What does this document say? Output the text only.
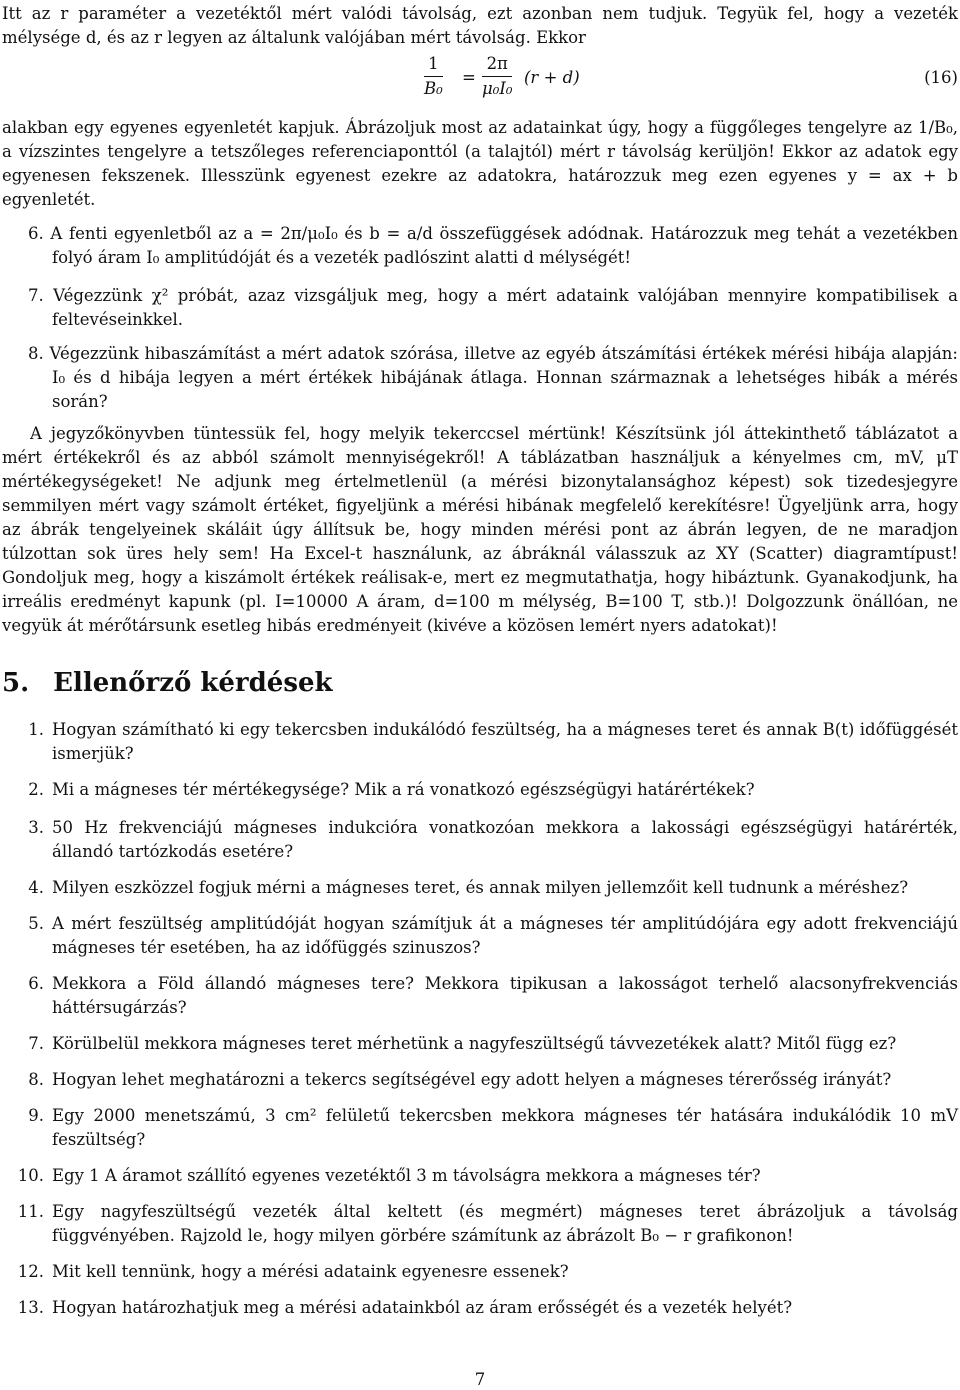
Itt az r paraméter a vezetéktől mért valódi távolság, ezt azonban nem tudjuk. Tegyük fel, hogy a vezeték mélysége d, és az r legyen az általunk valójában mért távolság. Ekkor

$\frac{1}{\text{B₀}} = \frac{2\pi}{\text{μ₀I₀}} (r + d)$	(16)

alakban egy egyenes egyenletét kapjuk. Ábrázoljuk most az adatainkat úgy, hogy a függőleges tengelyre az 1/B₀, a vízszintes tengelyre a tetszőleges referenciaponttól (a talajtól) mért r távolság kerüljön! Ekkor az adatok egy egyenesen fekszenek. Illesszünk egyenest ezekre az adatokra, határozzuk meg ezen egyenes y = ax + b egyenletét.

6. A fenti egyenletből az a = 2π/μ₀I₀ és b = a/d összefüggések adódnak. Határozzuk meg tehát a vezetékben folyó áram I₀ amplitúdóját és a vezeték padlószint alatti d mélységét!

7. Végezzünk χ² próbát, azaz vizsgáljuk meg, hogy a mért adataink valójában mennyire kompatibilisek a feltevéseinkkel.

8. Végezzünk hibaszámítást a mért adatok szórása, illetve az egyéb átszámítási értékek mérési hibája alapján: I₀ és d hibája legyen a mért értékek hibájának átlaga. Honnan származnak a lehetséges hibák a mérés során?

A jegyzőkönyvben tüntessük fel, hogy melyik tekerccsel mértünk! Készítsünk jól áttekinthető táblázatot a mért értékekről és az abból számolt mennyiségekről! A táblázatban használjuk a kényelmes cm, mV, μT mértékegységeket! Ne adjunk meg értelmetlenül (a mérési bizonytalansághoz képest) sok tizedesjegyre semmilyen mért vagy számolt értéket, figyeljünk a mérési hibának megfelelő kerekítésre! Ügyeljünk arra, hogy az ábrák tengelyeinek skáláit úgy állítsuk be, hogy minden mérési pont az ábrán legyen, de ne maradjon túlzottan sok üres hely sem! Ha Excel-t használunk, az ábráknál válasszuk az XY (Scatter) diagramtípust! Gondoljuk meg, hogy a kiszámolt értékek reálisak-e, mert ez megmutathatja, hogy hibáztunk. Gyanakodjunk, ha irreális eredményt kapunk (pl. I=10000 A áram, d=100 m mélység, B=100 T, stb.)! Dolgozzunk önállóan, ne vegyük át mérőtársunk esetleg hibás eredményeit (kivéve a közösen lemért nyers adatokat)!

5. Ellenőrző kérdések

1. Hogyan számítható ki egy tekercsben indukálódó feszültség, ha a mágneses teret és annak B(t) időfüggését ismerjük?

2. Mi a mágneses tér mértékegysége? Mik a rá vonatkozó egészségügyi határértékek?

3. 50 Hz frekvenciájú mágneses indukcióra vonatkozóan mekkora a lakossági egészségügyi határérték, állandó tartózkodás esetére?

4. Milyen eszközzel fogjuk mérni a mágneses teret, és annak milyen jellemzőit kell tudnunk a méréshez?

5. A mért feszültség amplitúdóját hogyan számítjuk át a mágneses tér amplitúdójára egy adott frekvenciájú mágneses tér esetében, ha az időfüggés szinuszos?

6. Mekkora a Föld állandó mágneses tere? Mekkora tipikusan a lakosságot terhelő alacsonyfrekvenciás háttérsugárzás?

7. Körülbelül mekkora mágneses teret mérhetünk a nagyfeszültségű távvezetékek alatt? Mitől függ ez?

8. Hogyan lehet meghatározni a tekercs segítségével egy adott helyen a mágneses térerősség irányát?

9. Egy 2000 menetszámú, 3 cm² felületű tekercsben mekkora mágneses tér hatására indukálódik 10 mV feszültség?

10. Egy 1 A áramot szállító egyenes vezetéktől 3 m távolságra mekkora a mágneses tér?

11. Egy nagyfeszültségű vezeték által keltett (és megmért) mágneses teret ábrázoljuk a távolság függvényében. Rajzold le, hogy milyen görbére számítunk az ábrázolt B₀ − r grafikonon!

12. Mit kell tennünk, hogy a mérési adataink egyenesre essenek?

13. Hogyan határozhatjuk meg a mérési adatainkból az áram erősségét és a vezeték helyét?

7
